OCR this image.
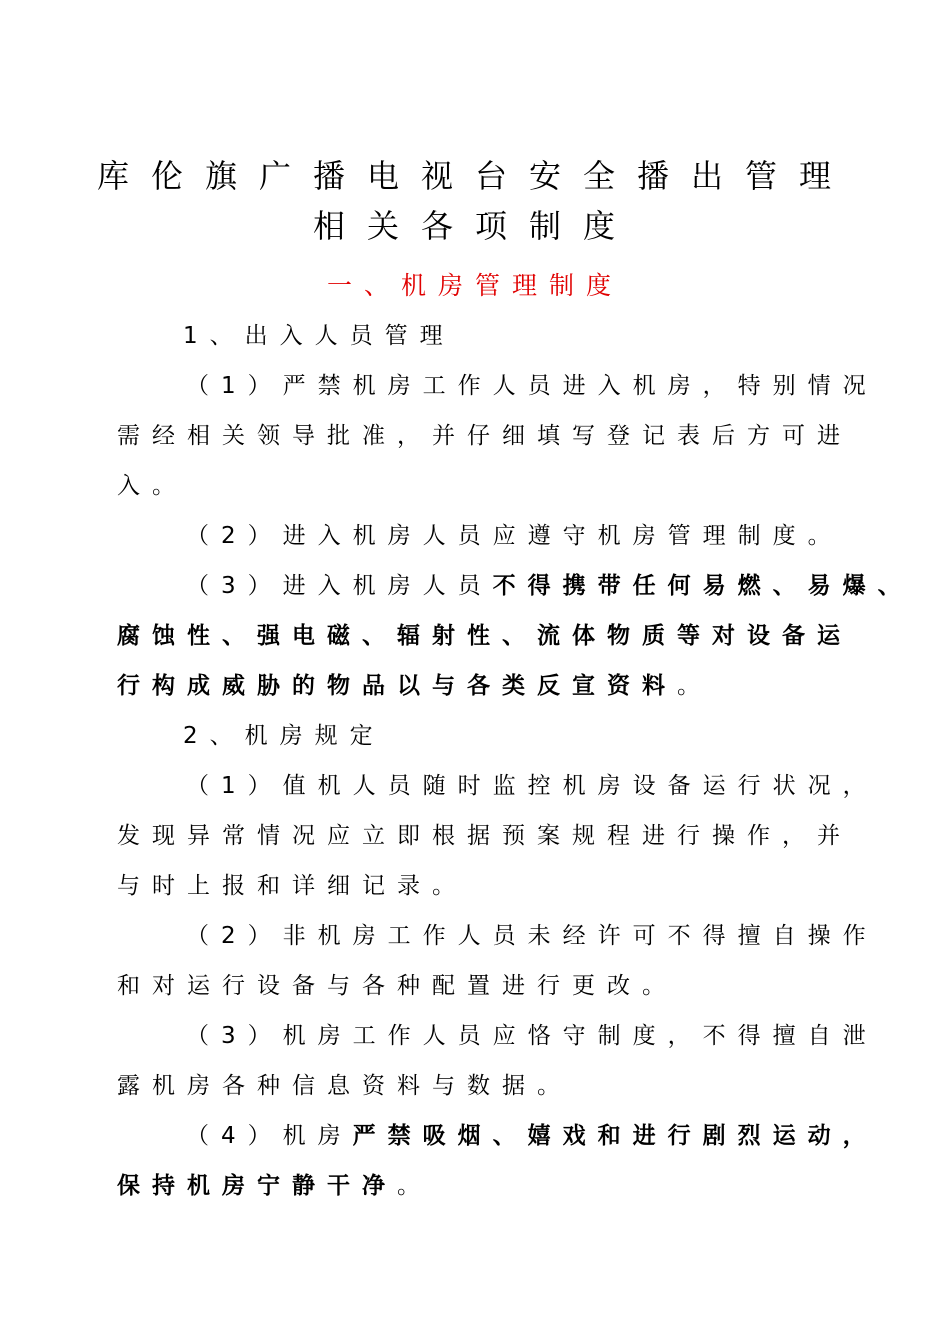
库伦旗广播电视台安全播出管理
相关各项制度
一、机房管理制度
1、出入人员管理
（1）严禁机房工作人员进入机房，特别情况
需经相关领导批准，并仔细填写登记表后方可进
入。
（2）进入机房人员应遵守机房管理制度。
（3）进入机房人员不得携带任何易燃、易爆、
腐蚀性、强电磁、辐射性、流体物质等对设备运
行构成威胁的物品以与各类反宣资料。
2、机房规定
（1）值机人员随时监控机房设备运行状况，
发现异常情况应立即根据预案规程进行操作，并
与时上报和详细记录。
（2）非机房工作人员未经许可不得擅自操作
和对运行设备与各种配置进行更改。
（3）机房工作人员应恪守制度，不得擅自泄
露机房各种信息资料与数据。
（4）机房严禁吸烟、嬉戏和进行剧烈运动，
保持机房宁静干净。
